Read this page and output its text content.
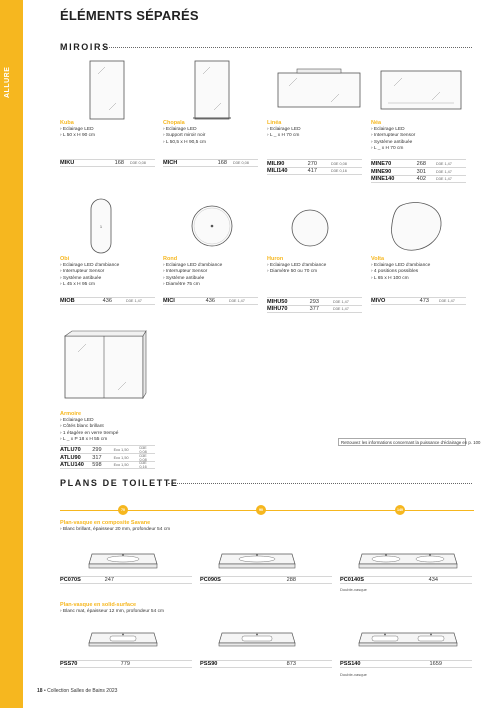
ALLURE
ÉLÉMENTS SÉPARÉS
MIROIRS
Kuba
› Eclairage LED
› L 50 x H 90 cm
Chopala
› Eclairage LED
› Support miroir noir
› L 50,5 x H 90,5 cm
Linéa
› Eclairage LED
› L _ x H 70 cm
Néa
› Eclairage LED
› Interrupteur Sensor
› Système antibuée
› L _ x H 70 cm
MIKU	168 D3E 0,08	MICH	168 D3E 0,08	MILI90	270	D3E 0,08
MILI140	417	D3E 0,16
MINE70	268	D3E 1,47
MINE90	301	D3E 1,47
MINE140	402	D3E 1,47
1
Obi
› Eclairage LED d'ambiance
› Interrupteur Sensor
› Système antibuée
› L 45 x H 95 cm
Rond
› Eclairage LED d'ambiance
› Interrupteur Sensor
› Système antibuée
› Diamètre 75 cm
Huron
› Eclairage LED d'ambiance
› Diamètre 50 ou 70 cm
Volta
› Eclairage LED d'ambiance
› 4 positions possibles
› L 65 x H 100 cm
MIOB	436	D3E 1,47	MICI	436	D3E 1,47	MIHU50	293	D3E 1,47
MIHU70	377	D3E 1,47
MIVO	473	D3E 1,47
Armoire
› Eclairage LED
› Côtés blanc brillant
› 1 étagère en verre trempé
› L _ x P 18 x H 55 cm
ATLU70	299	Eco 1,50	D3E 0,08
ATLU90	317	Eco 1,50	D3E 0,08
ATLU140	598	Eco 1,50	D3E 0,16
Retrouvez les informations concernant la puissance d'éclairage en p. 100
PLANS DE TOILETTE
70	90	140
Plan-vasque en composite Savane
› Blanc brillant, épaisseur 20 mm, profondeur 54 cm
PC070S	247	PC090S	288	PC0140S	434
Double-vasque
Plan-vasque en solid-surface
› Blanc mat, épaisseur 12 mm, profondeur 54 cm
PSS70	779	PSS90	873	PSS140	1659
Double-vasque
18 • Collection Salles de Bains 2023
